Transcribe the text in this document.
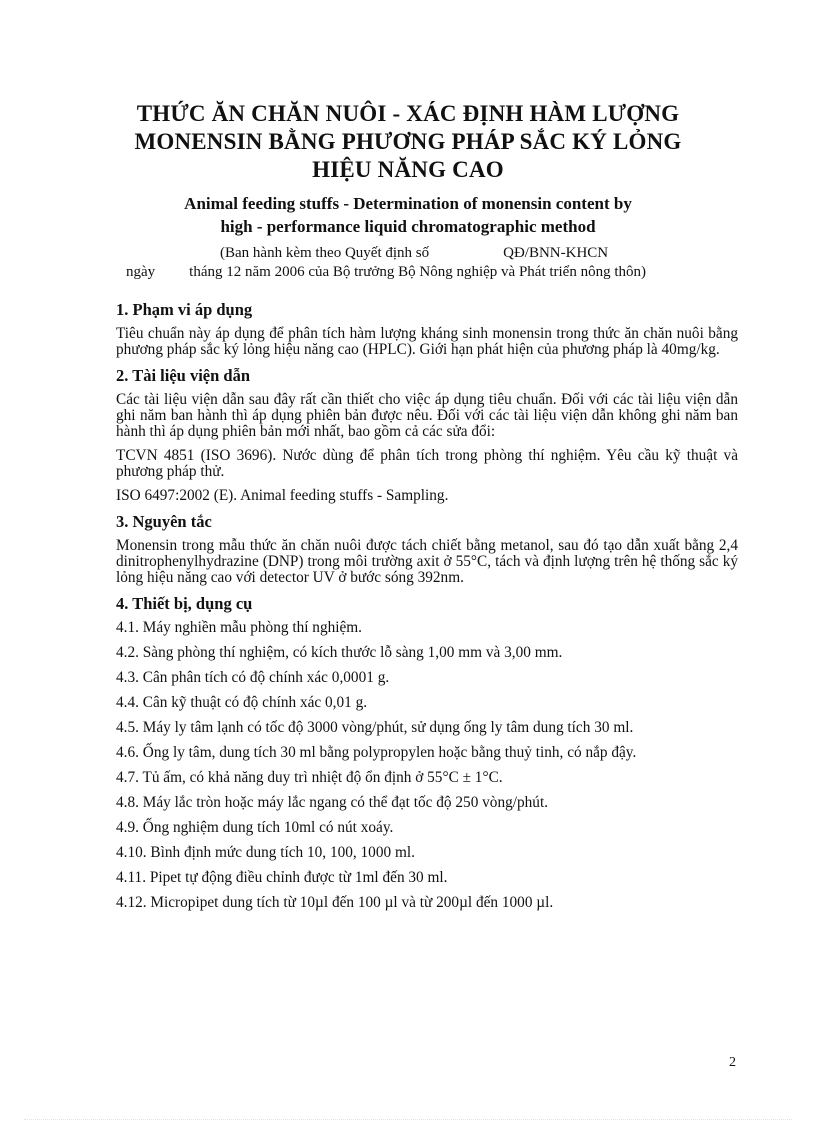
THỨC ĂN CHĂN NUÔI - XÁC ĐỊNH HÀM LƯỢNG MONENSIN BẰNG PHƯƠNG PHÁP SẮC KÝ LỎNG HIỆU NĂNG CAO
Animal feeding stuffs - Determination of monensin content by
high - performance liquid chromatographic method
(Ban hành kèm theo Quyết định số	QĐ/BNN-KHCN
ngày tháng 12 năm 2006 của Bộ trưởng Bộ Nông nghiệp và Phát triển nông thôn)
1. Phạm vi áp dụng

Tiêu chuẩn này áp dụng để phân tích hàm lượng kháng sinh monensin trong thức ăn chăn nuôi bằng phương pháp sắc ký lỏng hiệu năng cao (HPLC). Giới hạn phát hiện của phương pháp là 40mg/kg.

2. Tài liệu viện dẫn

Các tài liệu viện dẫn sau đây rất cần thiết cho việc áp dụng tiêu chuẩn. Đối với các tài liệu viện dẫn ghi năm ban hành thì áp dụng phiên bản được nêu. Đối với các tài liệu viện dẫn không ghi năm ban hành thì áp dụng phiên bản mới nhất, bao gồm cả các sửa đổi:

TCVN 4851 (ISO 3696). Nước dùng để phân tích trong phòng thí nghiệm. Yêu cầu kỹ thuật và phương pháp thử.

ISO 6497:2002 (E). Animal feeding stuffs - Sampling.

3. Nguyên tắc

Monensin trong mẫu thức ăn chăn nuôi được tách chiết bằng metanol, sau đó tạo dẫn xuất bằng 2,4 dinitrophenylhydrazine (DNP) trong môi trường axit ở 55°C, tách và định lượng trên hệ thống sắc ký lỏng hiệu năng cao với detector UV ở bước sóng 392nm.

4. Thiết bị, dụng cụ
4.1. Máy nghiền mẫu phòng thí nghiệm.
4.2. Sàng phòng thí nghiệm, có kích thước lỗ sàng 1,00 mm và 3,00 mm.
4.3. Cân phân tích có độ chính xác 0,0001 g.
4.4. Cân kỹ thuật có độ chính xác 0,01 g.
4.5. Máy ly tâm lạnh có tốc độ 3000 vòng/phút, sử dụng ống ly tâm dung tích 30 ml.
4.6. Ống ly tâm, dung tích 30 ml bằng polypropylen hoặc bằng thuỷ tinh, có nắp đậy.
4.7. Tủ ấm, có khả năng duy trì nhiệt độ ổn định ở 55°C ± 1°C.
4.8. Máy lắc tròn hoặc máy lắc ngang có thể đạt tốc độ 250 vòng/phút.
4.9. Ống nghiệm dung tích 10ml có nút xoáy.
4.10. Bình định mức dung tích 10, 100, 1000 ml.
4.11. Pipet tự động điều chỉnh được từ 1ml đến 30 ml.
4.12. Micropipet dung tích từ 10µl đến 100 µl và từ 200µl đến 1000 µl.
2
